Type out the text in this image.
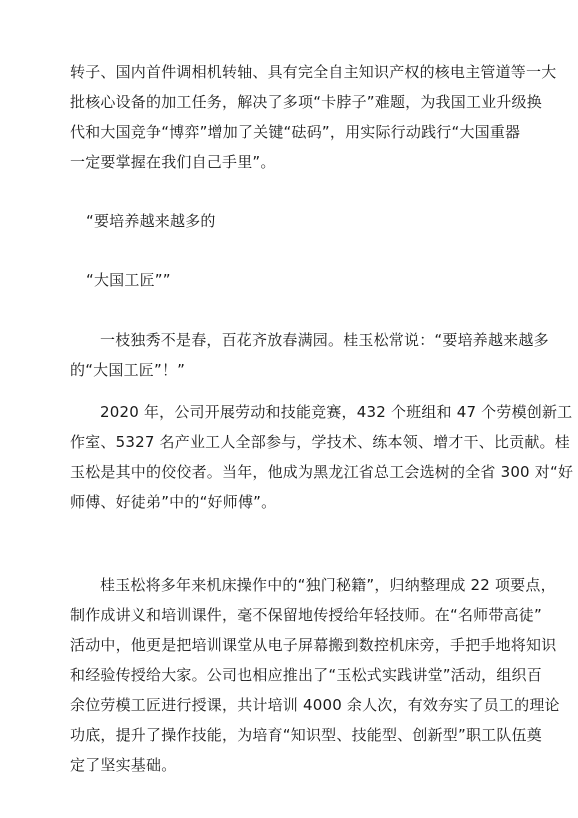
转子、国内首件调相机转轴、具有完全自主知识产权的核电主管道等一大
批核心设备的加工任务，解决了多项“卡脖子”难题，为我国工业升级换
代和大国竞争“博弈”增加了关键“砝码”，用实际行动践行“大国重器
一定要掌握在我们自己手里”。

“要培养越来越多的

“大国工匠””

一枝独秀不是春，百花齐放春满园。桂玉松常说：“要培养越来越多
的“大国工匠”！”

2020 年，公司开展劳动和技能竞赛，432 个班组和 47 个劳模创新工
作室、5327 名产业工人全部参与，学技术、练本领、增才干、比贡献。桂
玉松是其中的佼佼者。当年，他成为黑龙江省总工会选树的全省 300 对“好
师傅、好徒弟”中的“好师傅”。

桂玉松将多年来机床操作中的“独门秘籍”，归纳整理成 22 项要点，
制作成讲义和培训课件，毫不保留地传授给年轻技师。在“名师带高徒”
活动中，他更是把培训课堂从电子屏幕搬到数控机床旁，手把手地将知识
和经验传授给大家。公司也相应推出了“玉松式实践讲堂”活动，组织百
余位劳模工匠进行授课，共计培训 4000 余人次，有效夯实了员工的理论
功底，提升了操作技能，为培育“知识型、技能型、创新型”职工队伍奠
定了坚实基础。
